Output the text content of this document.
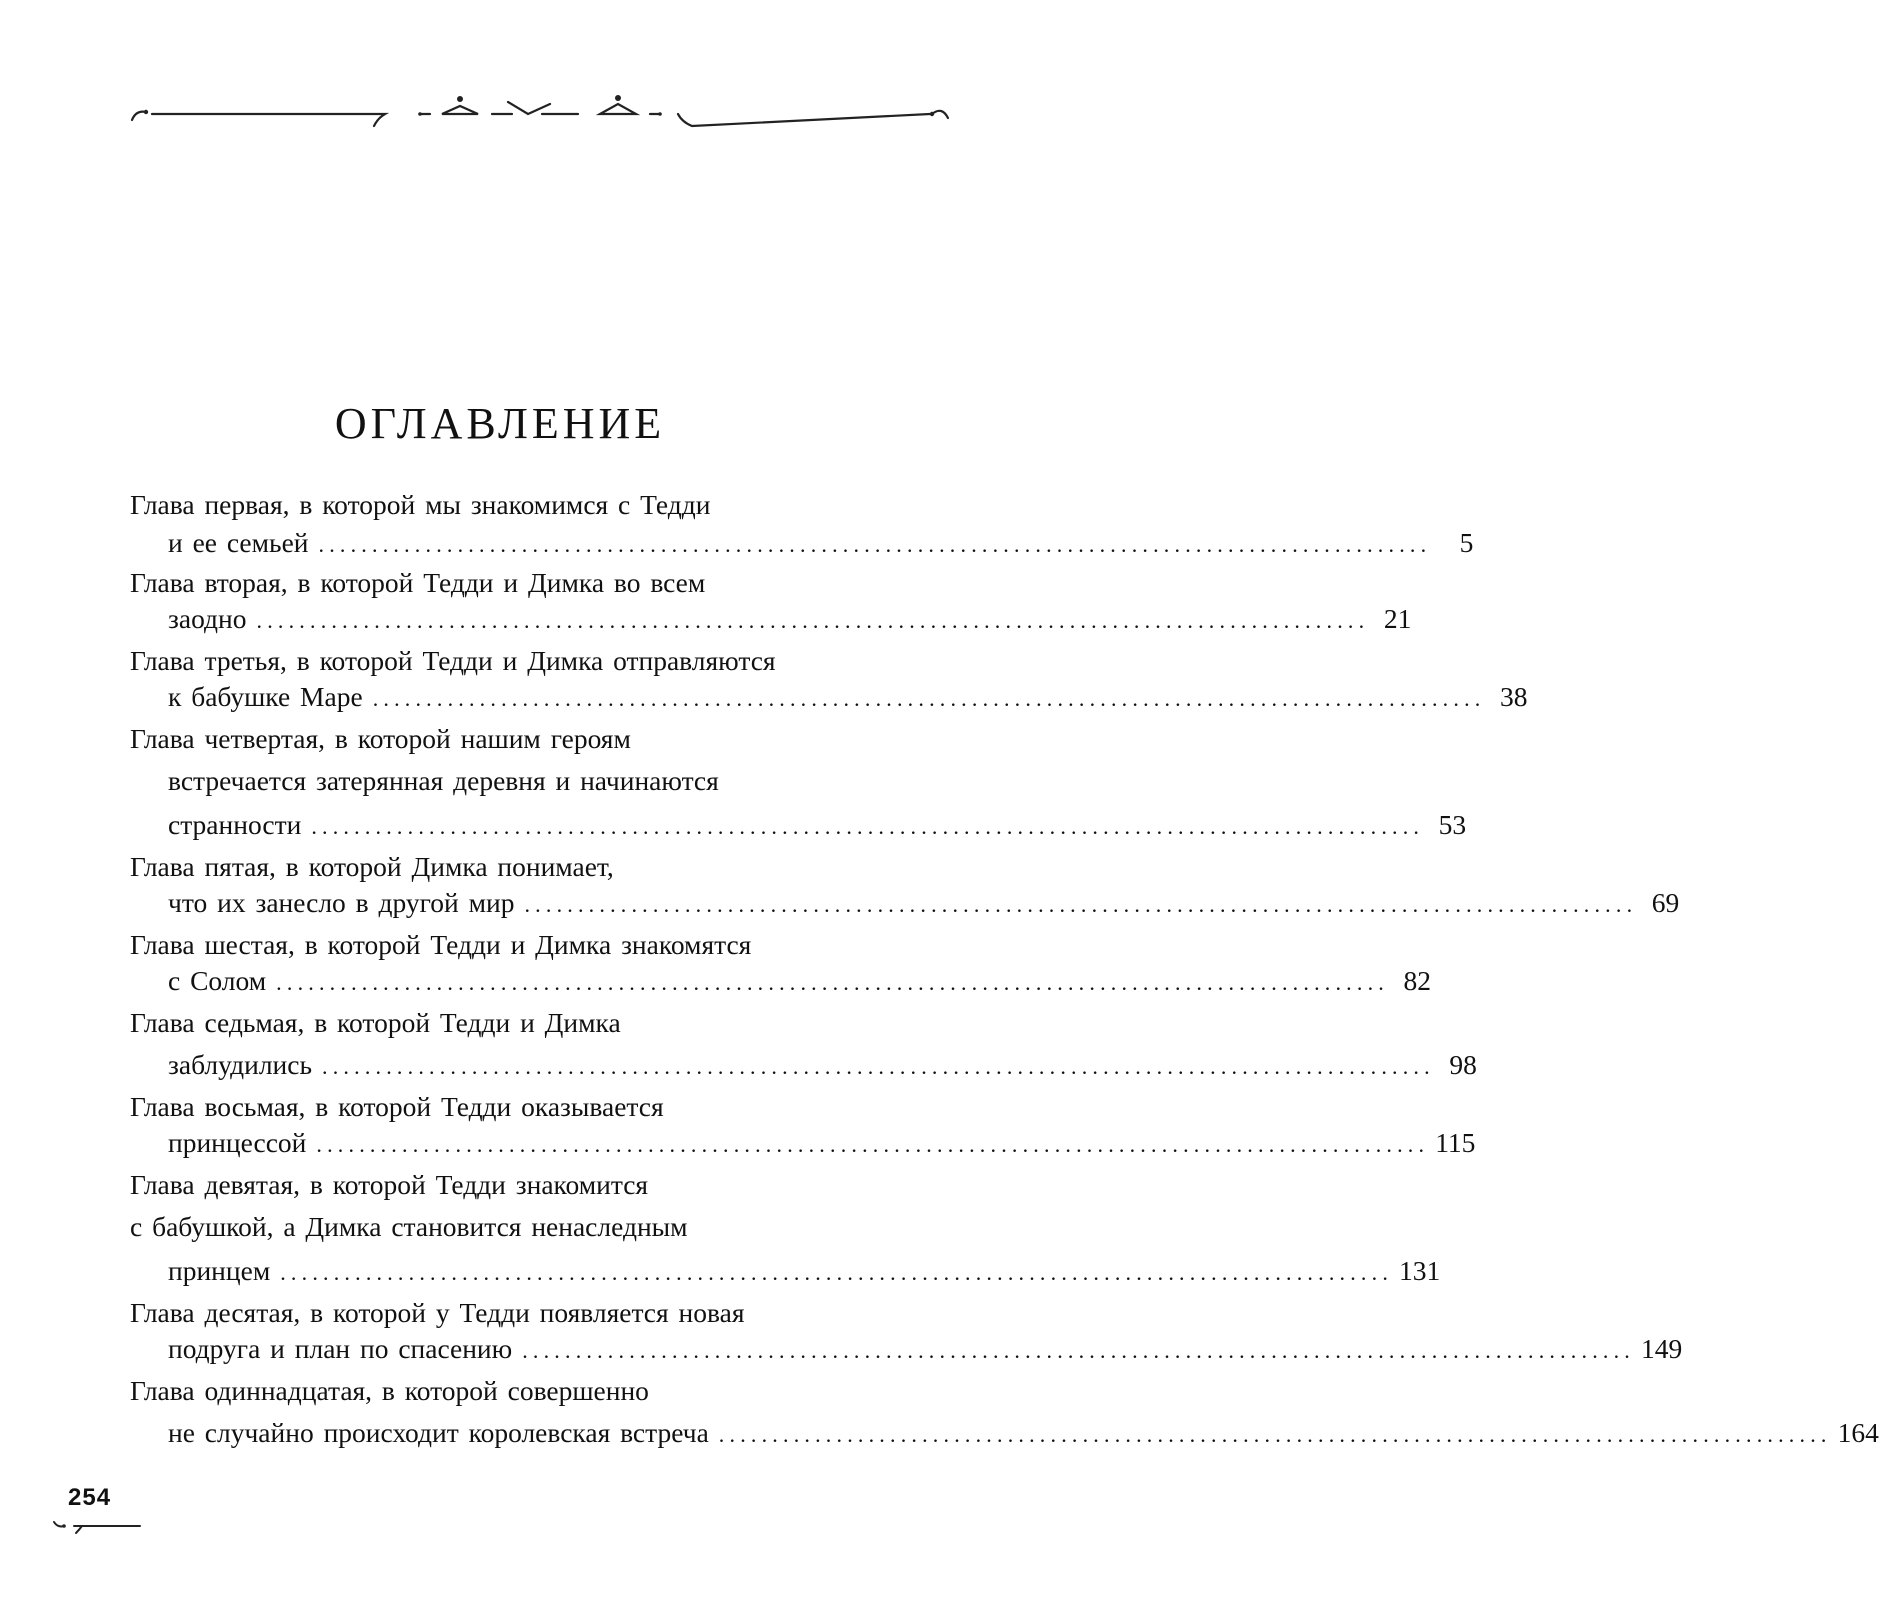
ОГЛАВЛЕНИЕ
Глава первая, в которой мы знакомимся с Тедди
и ее семьей ........................................................................................................	5
Глава вторая, в которой Тедди и Димка во всем
заодно ........................................................................................................ 21
Глава третья, в которой Тедди и Димка отправляются
к бабушке Маре ........................................................................................................ 38
Глава четвертая, в которой нашим героям
встречается затерянная деревня и начинаются
странности ........................................................................................................ 53
Глава пятая, в которой Димка понимает,
что их занесло в другой мир ........................................................................................................ 69
Глава шестая, в которой Тедди и Димка знакомятся
с Солом ........................................................................................................ 82
Глава седьмая, в которой Тедди и Димка
заблудились ........................................................................................................ 98
Глава восьмая, в которой Тедди оказывается
принцессой ........................................................................................................ 115
Глава девятая, в которой Тедди знакомится
с бабушкой, а Димка становится ненаследным
принцем ........................................................................................................ 131
Глава десятая, в которой у Тедди появляется новая
подруга и план по спасению ........................................................................................................ 149
Глава одиннадцатая, в которой совершенно
не случайно происходит королевская встреча ........................................................................................................ 164
254
